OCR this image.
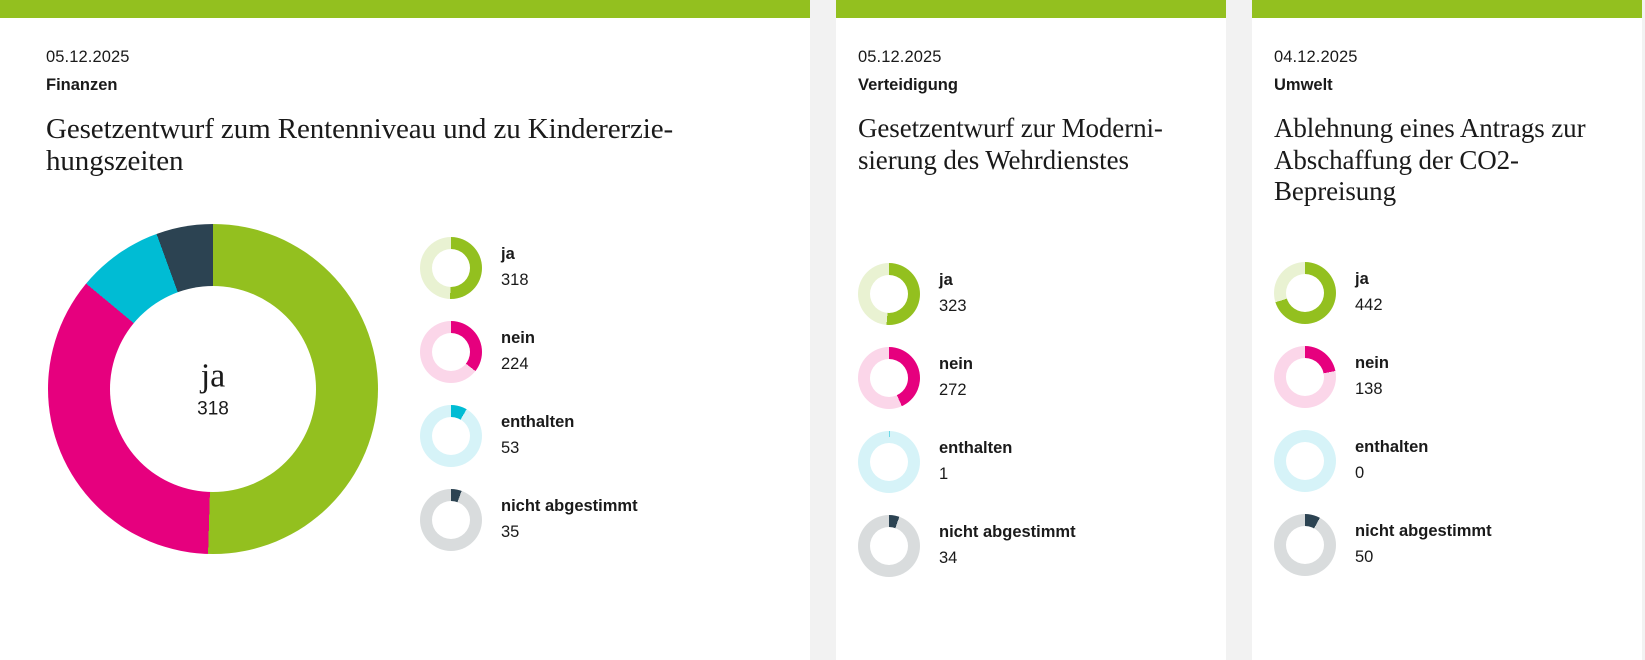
05.12.2025
Finanzen
Gesetzentwurf zum Rentenniveau und zu Kindererzie-hungszeiten
ja
318
ja
318
nein
224
enthalten
53
nicht abgestimmt
35
05.12.2025
Verteidigung
Gesetzentwurf zur Moderni-sierung des Wehrdienstes
ja
323
nein
272
enthalten
1
nicht abgestimmt
34
04.12.2025
Umwelt
Ablehnung eines Antrags zur Abschaffung der CO2-Bepreisung
ja
442
nein
138
enthalten
0
nicht abgestimmt
50
